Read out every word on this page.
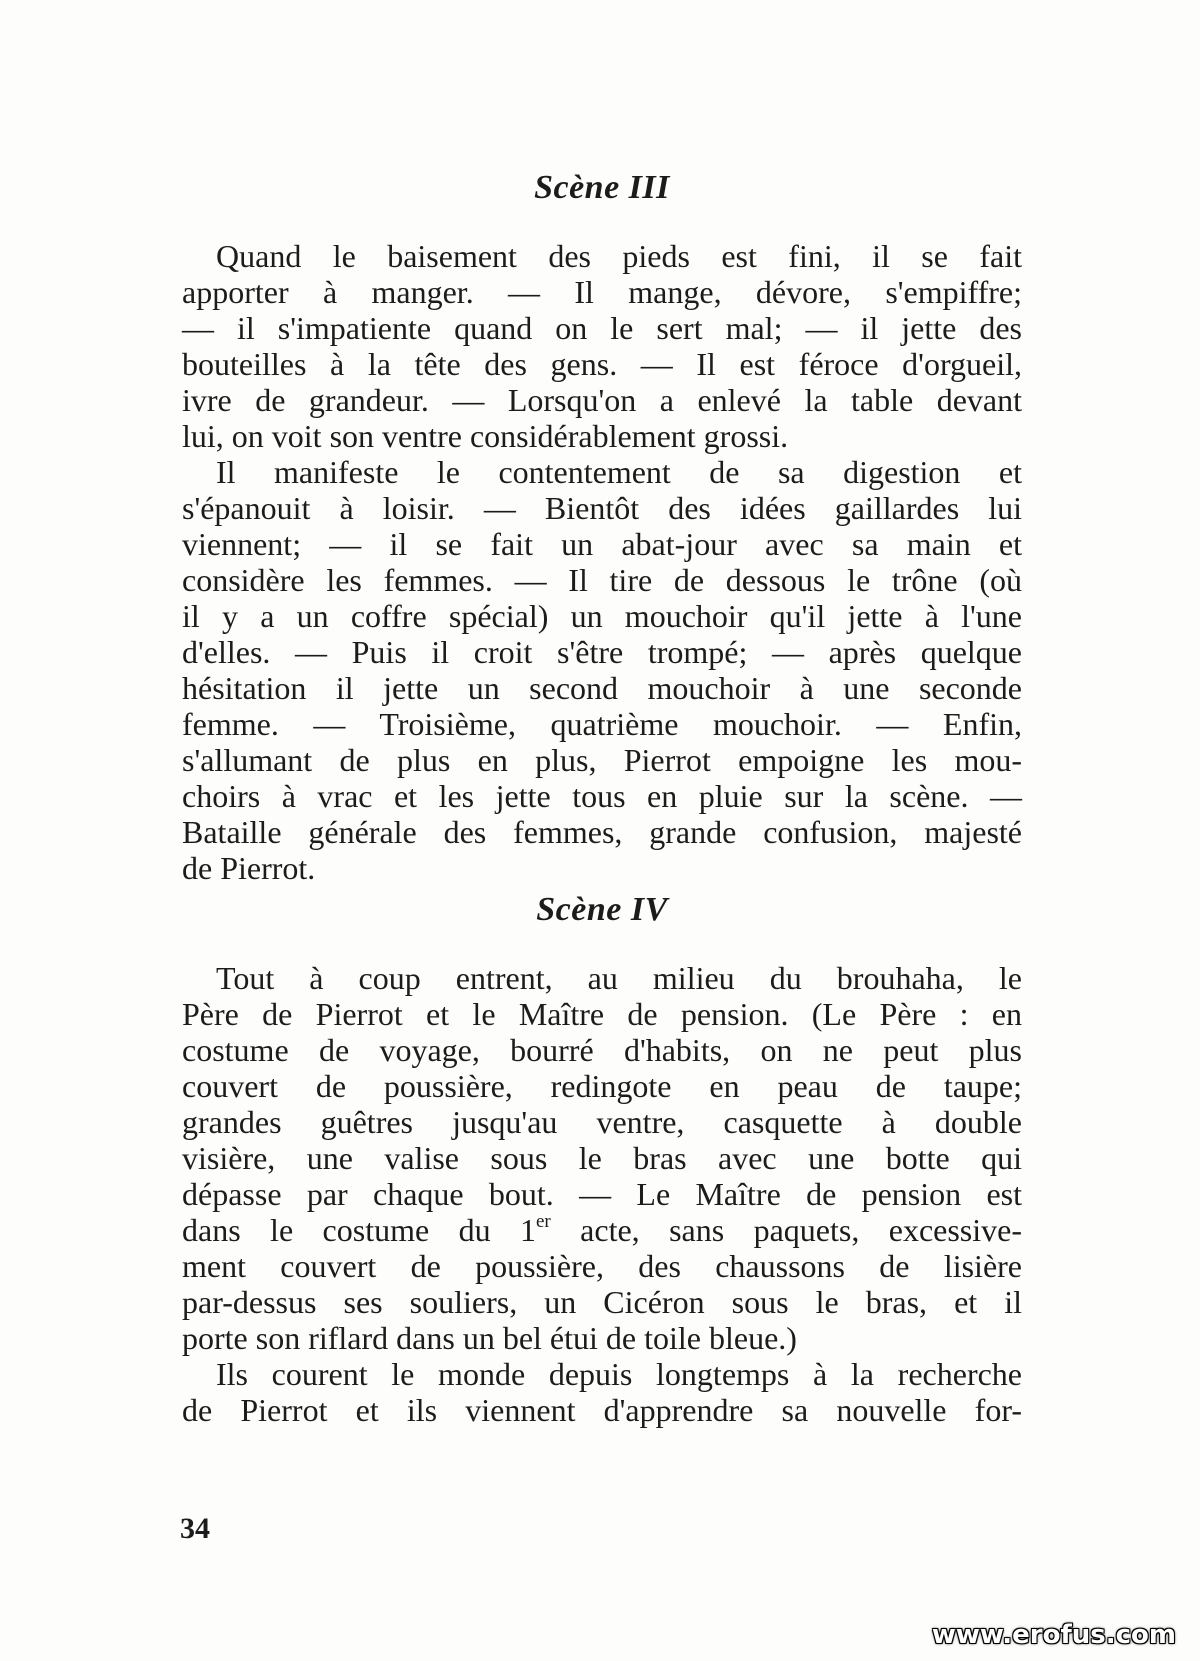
Scène III

Quand le baisement des pieds est fini, il se fait
apporter à manger. — Il mange, dévore, s'empiffre;
— il s'impatiente quand on le sert mal; — il jette des
bouteilles à la tête des gens. — Il est féroce d'orgueil,
ivre de grandeur. — Lorsqu'on a enlevé la table devant
lui, on voit son ventre considérablement grossi.

Il manifeste le contentement de sa digestion et
s'épanouit à loisir. — Bientôt des idées gaillardes lui
viennent; — il se fait un abat-jour avec sa main et
considère les femmes. — Il tire de dessous le trône (où
il y a un coffre spécial) un mouchoir qu'il jette à l'une
d'elles. — Puis il croit s'être trompé; — après quelque
hésitation il jette un second mouchoir à une seconde
femme. — Troisième, quatrième mouchoir. — Enfin,
s'allumant de plus en plus, Pierrot empoigne les mou-
choirs à vrac et les jette tous en pluie sur la scène. —
Bataille générale des femmes, grande confusion, majesté
de Pierrot.

Scène IV

Tout à coup entrent, au milieu du brouhaha, le
Père de Pierrot et le Maître de pension. (Le Père : en
costume de voyage, bourré d'habits, on ne peut plus
couvert de poussière, redingote en peau de taupe;
grandes guêtres jusqu'au ventre, casquette à double
visière, une valise sous le bras avec une botte qui
dépasse par chaque bout. — Le Maître de pension est
dans le costume du 1er acte, sans paquets, excessive-
ment couvert de poussière, des chaussons de lisière
par-dessus ses souliers, un Cicéron sous le bras, et il
porte son riflard dans un bel étui de toile bleue.)

Ils courent le monde depuis longtemps à la recherche
de Pierrot et ils viennent d'apprendre sa nouvelle for-

34

www.erofus.com
